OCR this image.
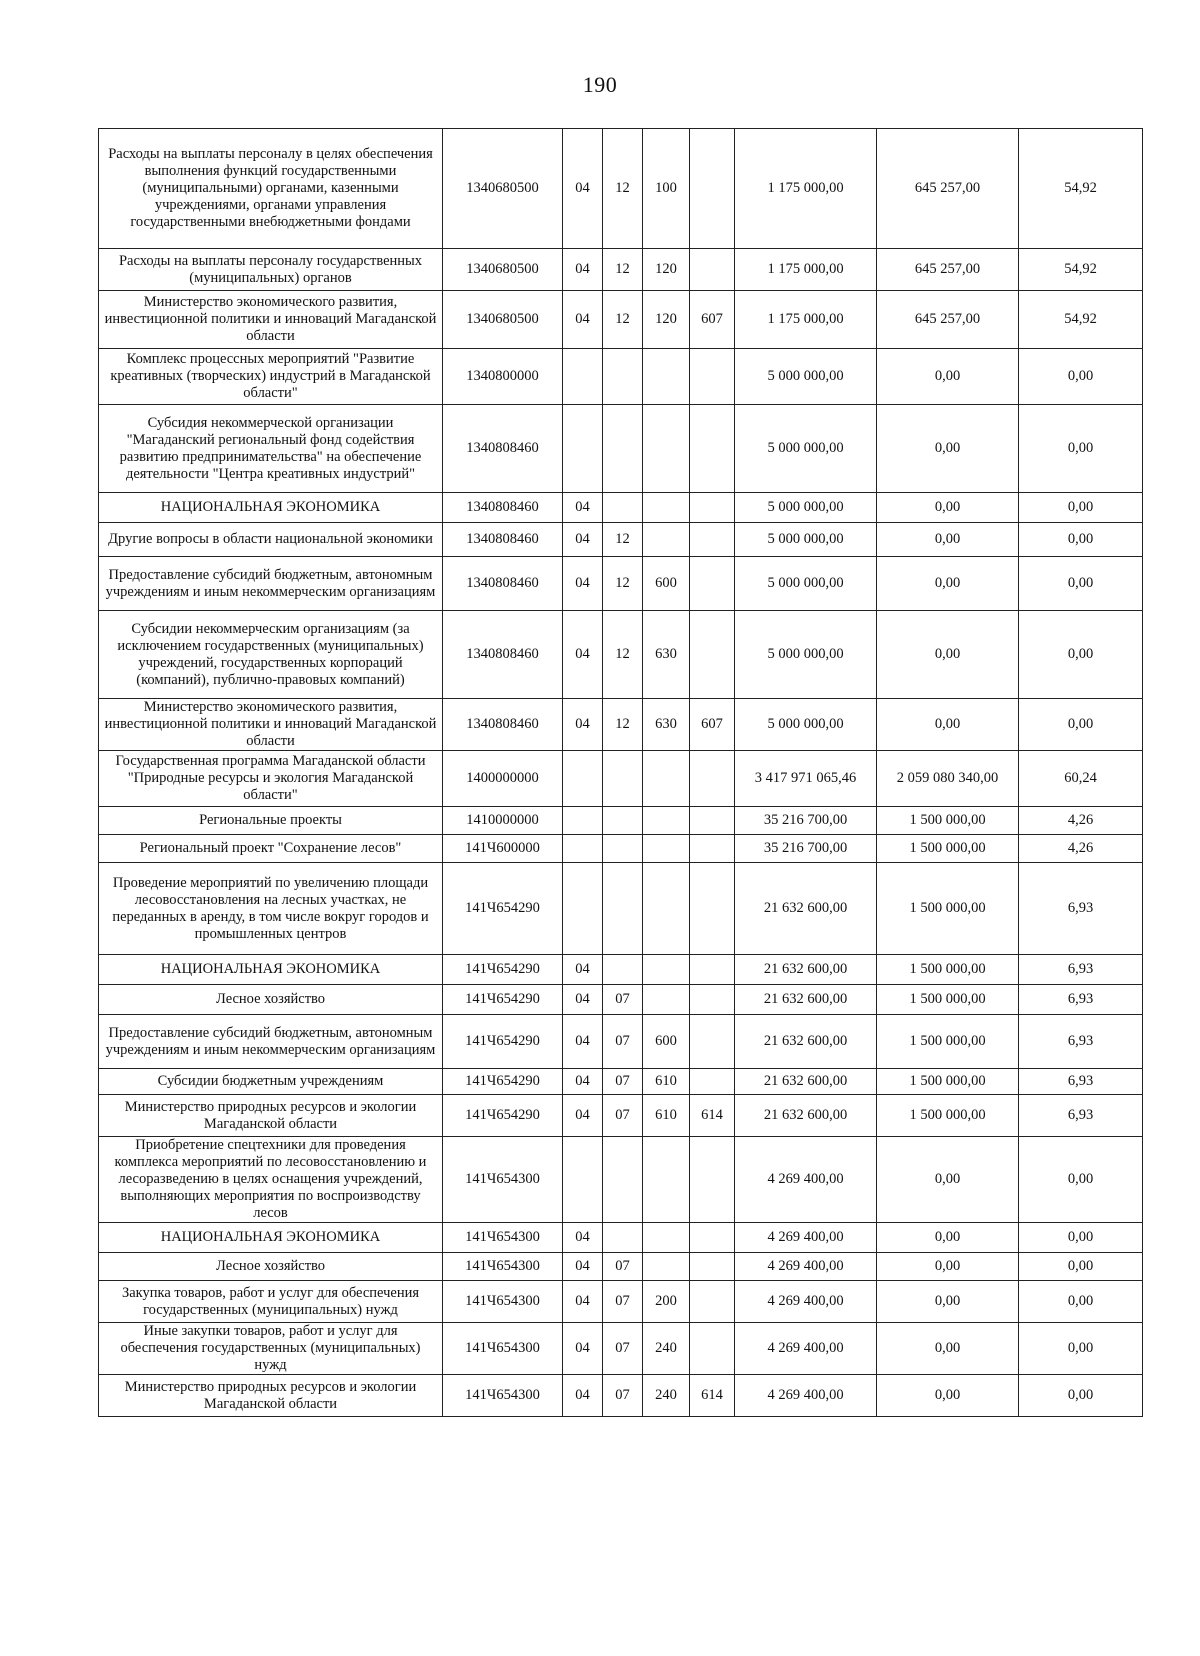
190
Расходы на выплаты персоналу в целях обеспечения выполнения функций государственными (муниципальными) органами, казенными учреждениями, органами управления государственными внебюджетными фондами	1340680500	04	12	100		1 175 000,00	645 257,00	54,92
Расходы на выплаты персоналу государственных (муниципальных) органов	1340680500	04	12	120		1 175 000,00	645 257,00	54,92
Министерство экономического развития, инвестиционной политики и инноваций Магаданской области	1340680500	04	12	120	607	1 175 000,00	645 257,00	54,92
Комплекс процессных мероприятий "Развитие креативных (творческих) индустрий в Магаданской области"	1340800000					5 000 000,00	0,00	0,00
Субсидия некоммерческой организации "Магаданский региональный фонд содействия развитию предпринимательства" на обеспечение деятельности "Центра креативных индустрий"	1340808460					5 000 000,00	0,00	0,00
НАЦИОНАЛЬНАЯ ЭКОНОМИКА	1340808460	04				5 000 000,00	0,00	0,00
Другие вопросы в области национальной экономики	1340808460	04	12			5 000 000,00	0,00	0,00
Предоставление субсидий бюджетным, автономным учреждениям и иным некоммерческим организациям	1340808460	04	12	600		5 000 000,00	0,00	0,00
Субсидии некоммерческим организациям (за исключением государственных (муниципальных) учреждений, государственных корпораций (компаний), публично-правовых компаний)	1340808460	04	12	630		5 000 000,00	0,00	0,00
Министерство экономического развития, инвестиционной политики и инноваций Магаданской области	1340808460	04	12	630	607	5 000 000,00	0,00	0,00
Государственная программа Магаданской области "Природные ресурсы и экология Магаданской области"	1400000000					3 417 971 065,46	2 059 080 340,00	60,24
Региональные проекты	1410000000					35 216 700,00	1 500 000,00	4,26
Региональный проект "Сохранение лесов"	141Ч600000					35 216 700,00	1 500 000,00	4,26
Проведение мероприятий по увеличению площади лесовосстановления на лесных участках, не переданных в аренду, в том числе вокруг городов и промышленных центров	141Ч654290					21 632 600,00	1 500 000,00	6,93
НАЦИОНАЛЬНАЯ ЭКОНОМИКА	141Ч654290	04				21 632 600,00	1 500 000,00	6,93
Лесное хозяйство	141Ч654290	04	07			21 632 600,00	1 500 000,00	6,93
Предоставление субсидий бюджетным, автономным учреждениям и иным некоммерческим организациям	141Ч654290	04	07	600		21 632 600,00	1 500 000,00	6,93
Субсидии бюджетным учреждениям	141Ч654290	04	07	610		21 632 600,00	1 500 000,00	6,93
Министерство природных ресурсов и экологии Магаданской области	141Ч654290	04	07	610	614	21 632 600,00	1 500 000,00	6,93
Приобретение спецтехники для проведения комплекса мероприятий по лесовосстановлению и лесоразведению в целях оснащения учреждений, выполняющих мероприятия по воспроизводству лесов	141Ч654300					4 269 400,00	0,00	0,00
НАЦИОНАЛЬНАЯ ЭКОНОМИКА	141Ч654300	04				4 269 400,00	0,00	0,00
Лесное хозяйство	141Ч654300	04	07			4 269 400,00	0,00	0,00
Закупка товаров, работ и услуг для обеспечения государственных (муниципальных) нужд	141Ч654300	04	07	200		4 269 400,00	0,00	0,00
Иные закупки товаров, работ и услуг для обеспечения государственных (муниципальных) нужд	141Ч654300	04	07	240		4 269 400,00	0,00	0,00
Министерство природных ресурсов и экологии Магаданской области	141Ч654300	04	07	240	614	4 269 400,00	0,00	0,00
